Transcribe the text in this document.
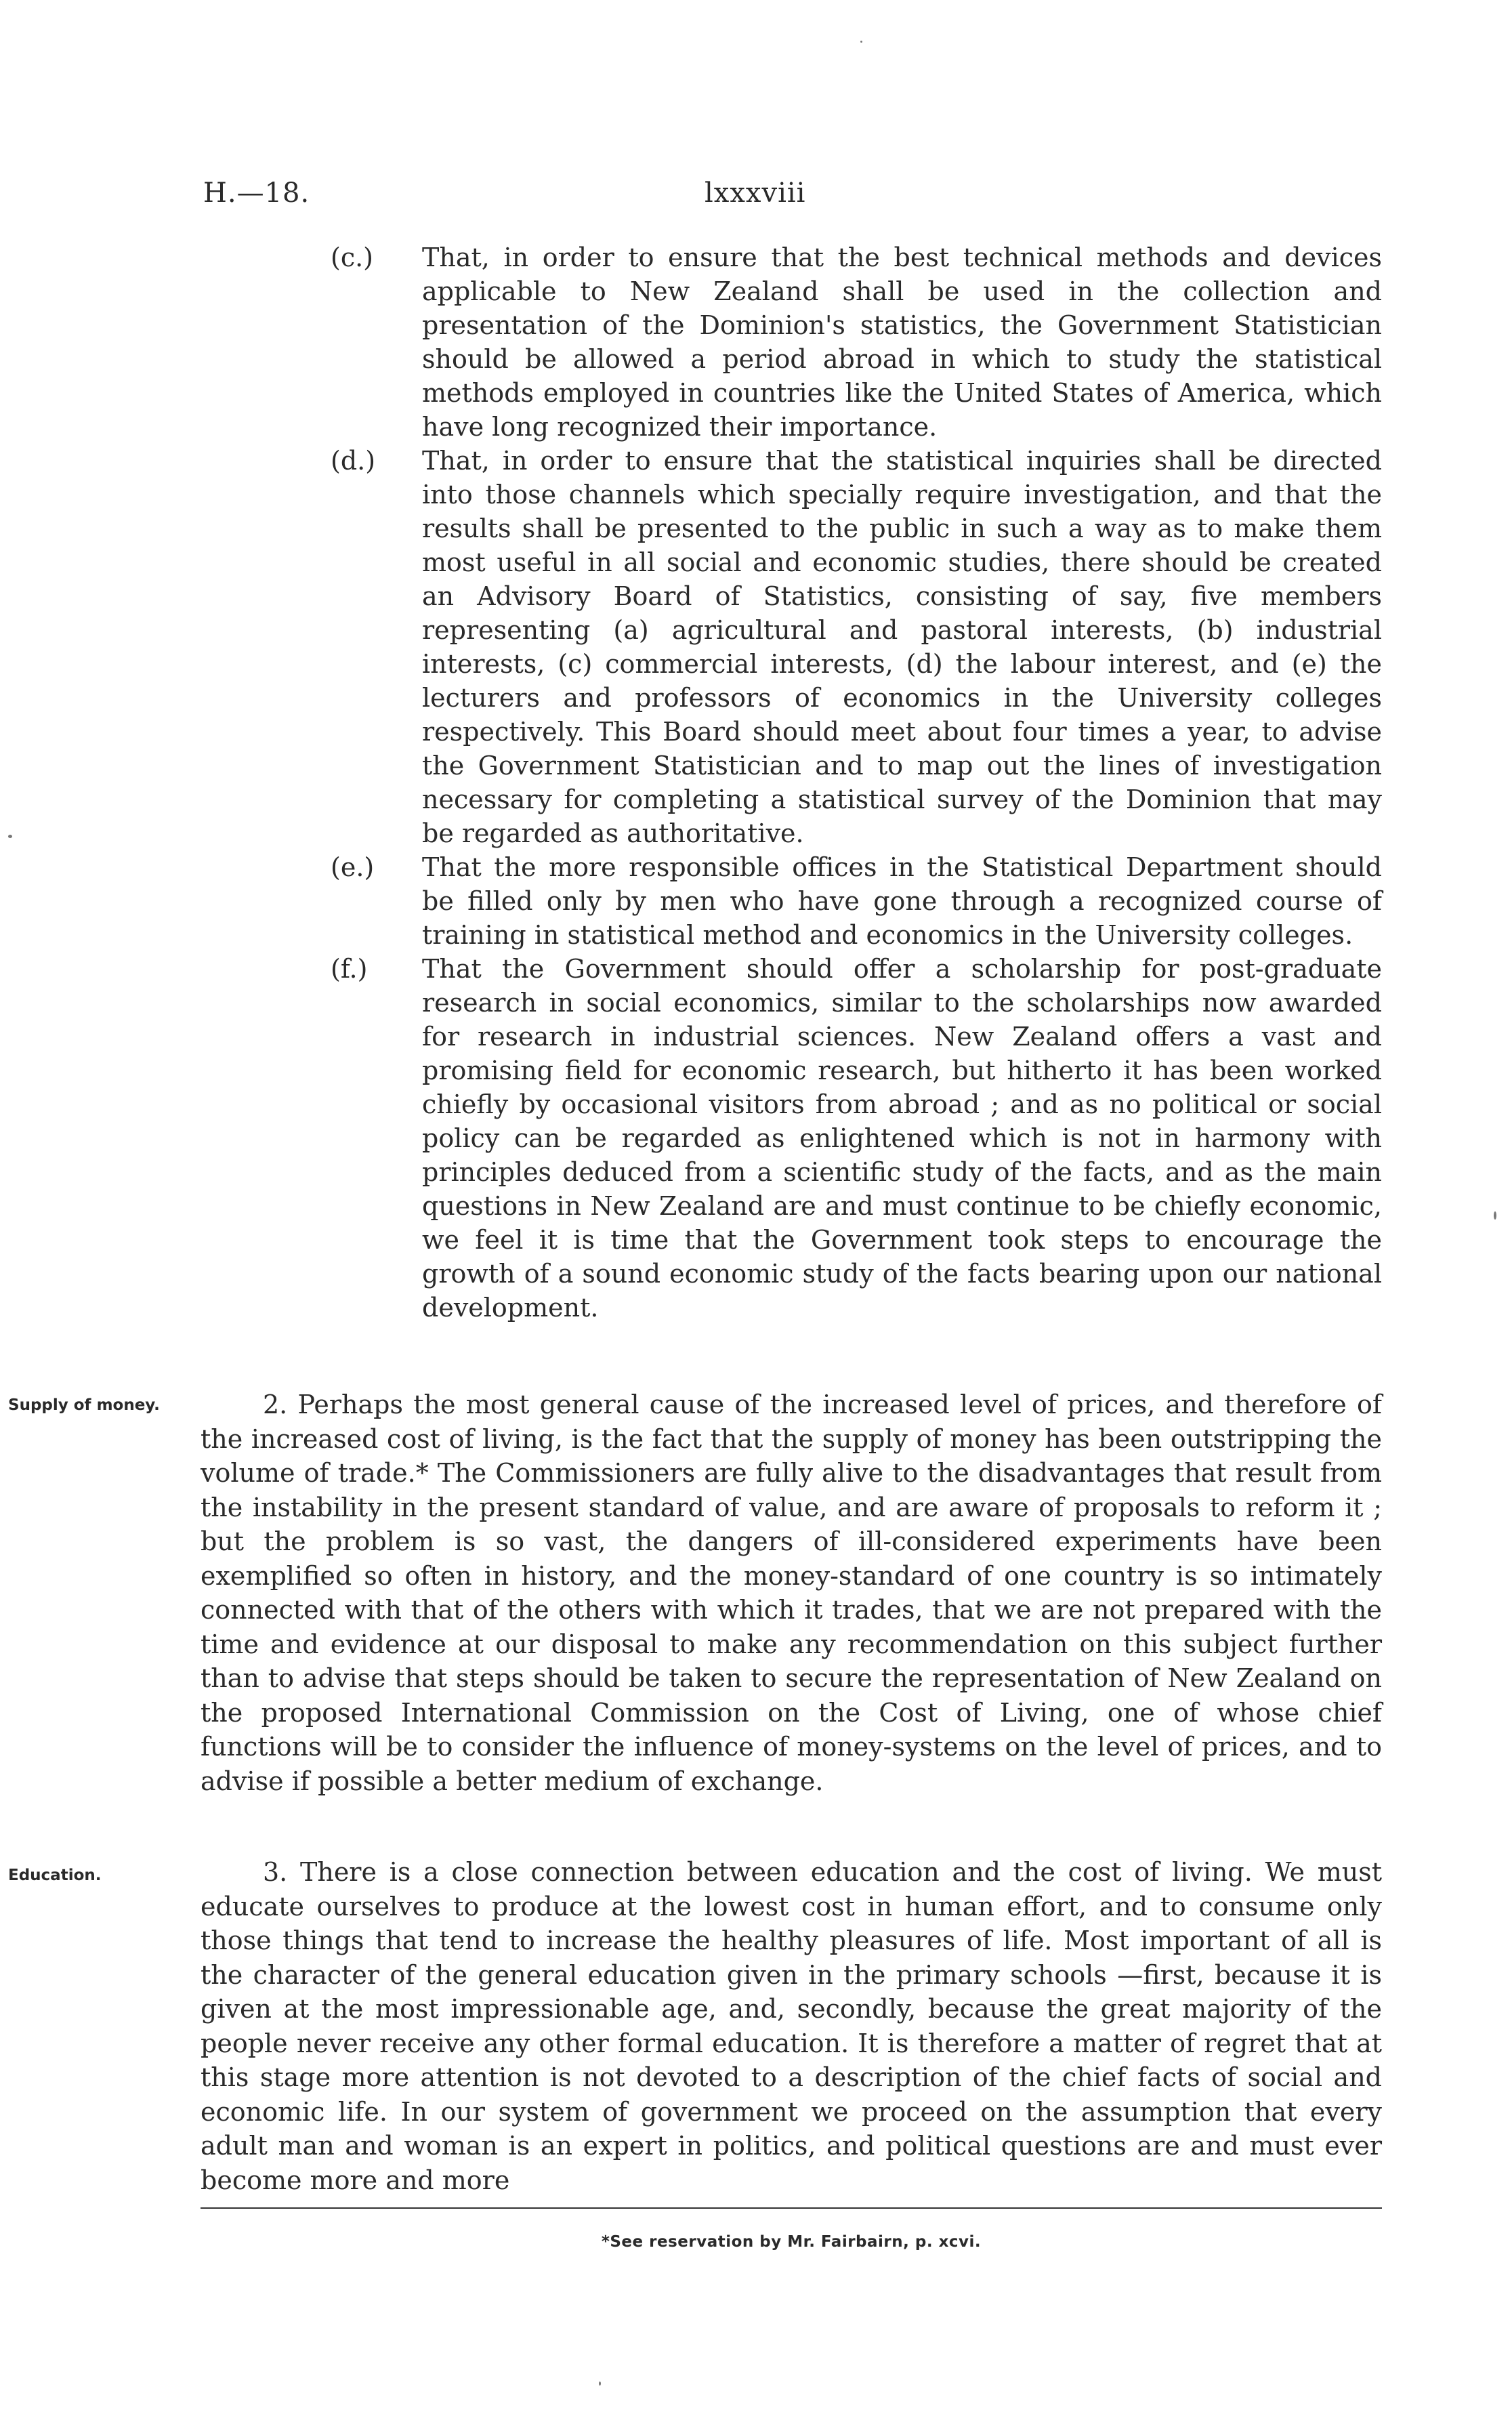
H.—18.	lxxxviii
(c.)	That, in order to ensure that the best technical methods and devices applicable to New Zealand shall be used in the collection and presentation of the Dominion's statistics, the Government Statistician should be allowed a period abroad in which to study the statistical methods employed in countries like the United States of America, which have long recognized their importance.
(d.)	That, in order to ensure that the statistical inquiries shall be directed into those channels which specially require investigation, and that the results shall be presented to the public in such a way as to make them most useful in all social and economic studies, there should be created an Advisory Board of Statistics, consisting of say, five members representing (a) agricultural and pastoral interests, (b) industrial interests, (c) commercial interests, (d) the labour interest, and (e) the lecturers and professors of economics in the University colleges respectively. This Board should meet about four times a year, to advise the Government Statistician and to map out the lines of investigation necessary for completing a statistical survey of the Dominion that may be regarded as authoritative.
(e.)	That the more responsible offices in the Statistical Department should be filled only by men who have gone through a recognized course of training in statistical method and economics in the University colleges.
(f.)	That the Government should offer a scholarship for post-graduate research in social economics, similar to the scholarships now awarded for research in industrial sciences. New Zealand offers a vast and promising field for economic research, but hitherto it has been worked chiefly by occasional visitors from abroad ; and as no political or social policy can be regarded as enlightened which is not in harmony with principles deduced from a scientific study of the facts, and as the main questions in New Zealand are and must continue to be chiefly economic, we feel it is time that the Government took steps to encourage the growth of a sound economic study of the facts bearing upon our national development.
Supply of money.	2. Perhaps the most general cause of the increased level of prices, and therefore of the increased cost of living, is the fact that the supply of money has been outstripping the volume of trade.* The Commissioners are fully alive to the disadvantages that result from the instability in the present standard of value, and are aware of proposals to reform it ; but the problem is so vast, the dangers of ill-considered experiments have been exemplified so often in history, and the money-standard of one country is so intimately connected with that of the others with which it trades, that we are not prepared with the time and evidence at our disposal to make any recommendation on this subject further than to advise that steps should be taken to secure the representation of New Zealand on the proposed International Commission on the Cost of Living, one of whose chief functions will be to consider the influence of money-systems on the level of prices, and to advise if possible a better medium of exchange.
Education.	3. There is a close connection between education and the cost of living. We must educate ourselves to produce at the lowest cost in human effort, and to consume only those things that tend to increase the healthy pleasures of life. Most important of all is the character of the general education given in the primary schools —first, because it is given at the most impressionable age, and, secondly, because the great majority of the people never receive any other formal education. It is therefore a matter of regret that at this stage more attention is not devoted to a description of the chief facts of social and economic life. In our system of government we proceed on the assumption that every adult man and woman is an expert in politics, and political questions are and must ever become more and more
*See reservation by Mr. Fairbairn, p. xcvi.
